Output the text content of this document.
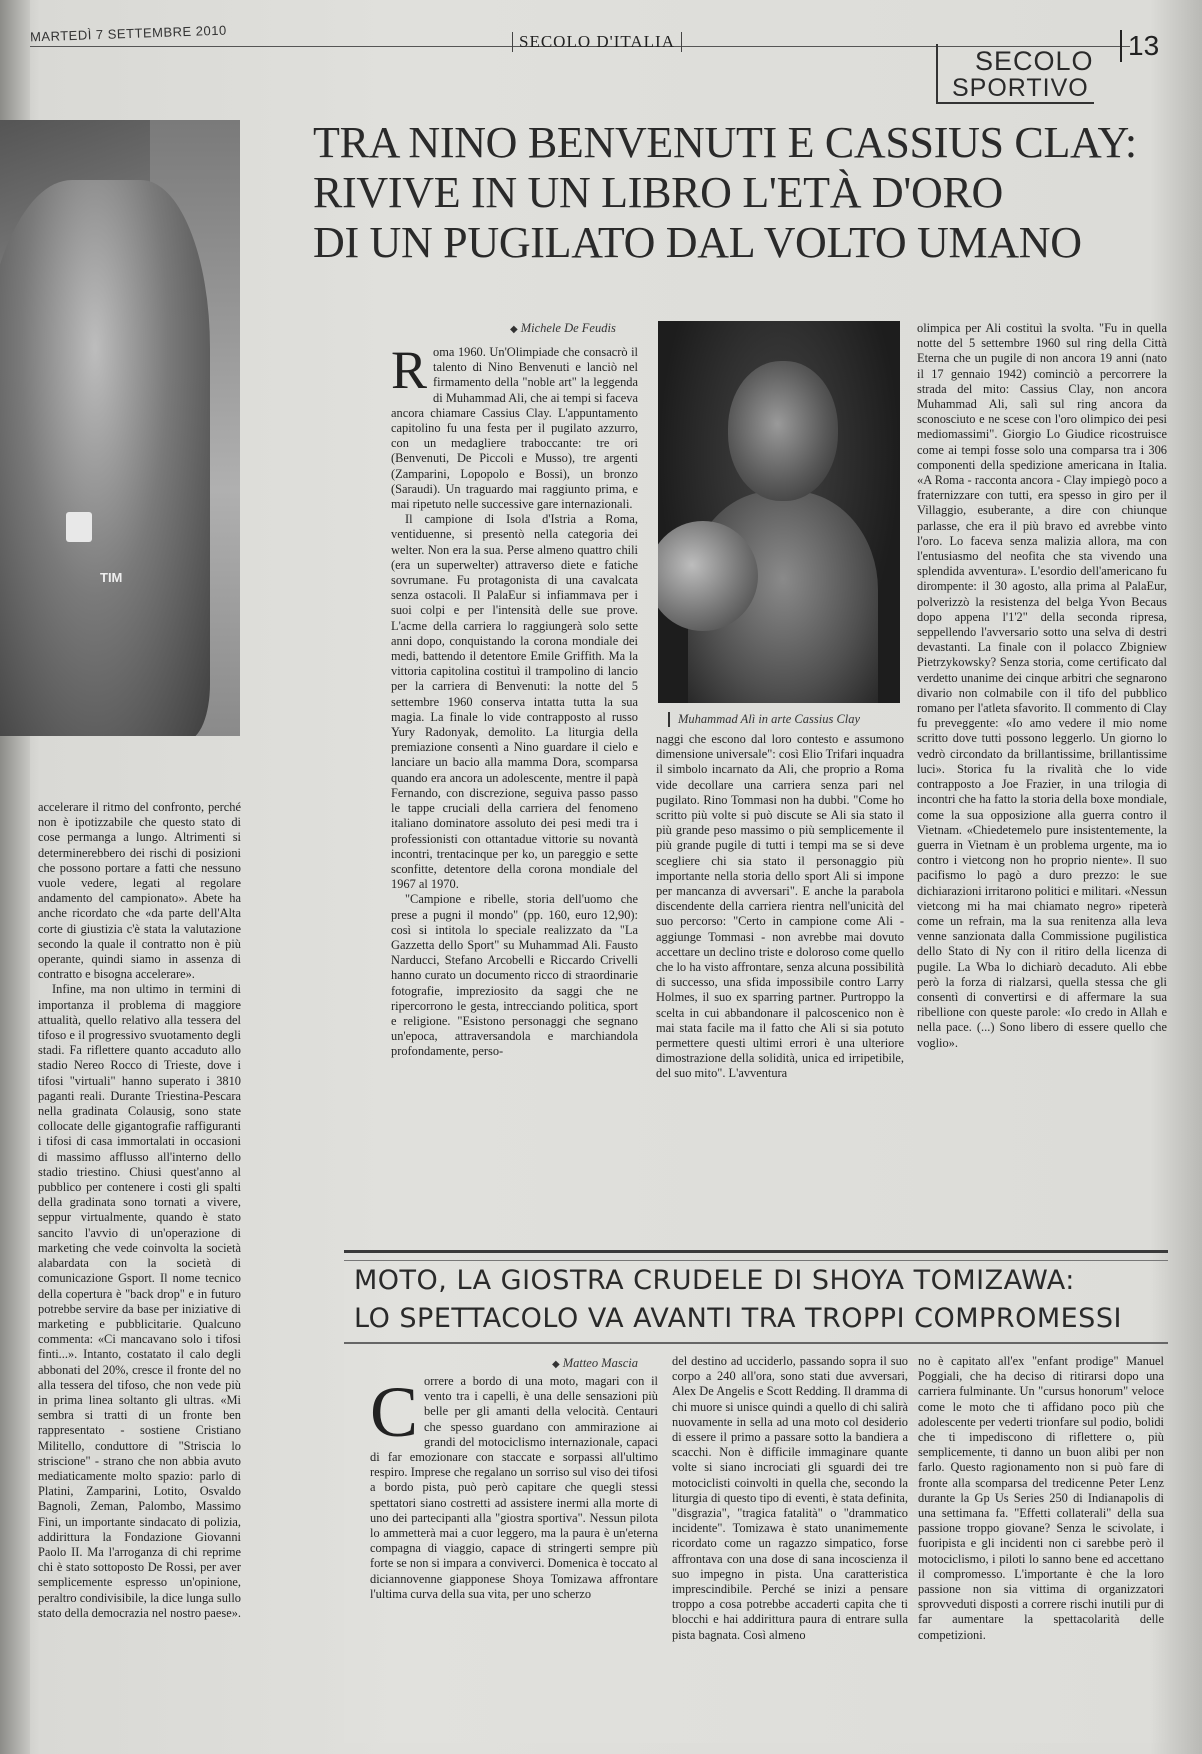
MARTEDÌ 7 SETTEMBRE 2010	SECOLO D'ITALIA	13
SECOLO
SPORTIVO
TIM

accelerare il ritmo del confronto, perché non è ipotizzabile che questo stato di cose permanga a lungo. Altrimenti si determinerebbero dei rischi di posizioni che possono portare a fatti che nessuno vuole vedere, legati al regolare andamento del campionato». Abete ha anche ricordato che «da parte dell'Alta corte di giustizia c'è stata la valutazione secondo la quale il contratto non è più operante, quindi siamo in assenza di contratto e bisogna accelerare».

Infine, ma non ultimo in termini di importanza il problema di maggiore attualità, quello relativo alla tessera del tifoso e il progressivo svuotamento degli stadi. Fa riflettere quanto accaduto allo stadio Nereo Rocco di Trieste, dove i tifosi "virtuali" hanno superato i 3810 paganti reali. Durante Triestina-Pescara nella gradinata Colausig, sono state collocate delle gigantografie raffiguranti i tifosi di casa immortalati in occasioni di massimo afflusso all'interno dello stadio triestino. Chiusi quest'anno al pubblico per contenere i costi gli spalti della gradinata sono tornati a vivere, seppur virtualmente, quando è stato sancito l'avvio di un'operazione di marketing che vede coinvolta la società alabardata con la società di comunicazione Gsport. Il nome tecnico della copertura è "back drop" e in futuro potrebbe servire da base per iniziative di marketing e pubblicitarie. Qualcuno commenta: «Ci mancavano solo i tifosi finti...». Intanto, costatato il calo degli abbonati del 20%, cresce il fronte del no alla tessera del tifoso, che non vede più in prima linea soltanto gli ultras. «Mi sembra si tratti di un fronte ben rappresentato - sostiene Cristiano Militello, conduttore di "Striscia lo striscione" - strano che non abbia avuto mediaticamente molto spazio: parlo di Platini, Zamparini, Lotito, Osvaldo Bagnoli, Zeman, Palombo, Massimo Fini, un importante sindacato di polizia, addirittura la Fondazione Giovanni Paolo II. Ma l'arroganza di chi reprime chi è stato sottoposto De Rossi, per aver semplicemente espresso un'opinione, peraltro condivisibile, la dice lunga sullo stato della democrazia nel nostro paese».

TRA NINO BENVENUTI E CASSIUS CLAY:
RIVIVE IN UN LIBRO L'ETÀ D'ORO
DI UN PUGILATO DAL VOLTO UMANO
◆ Michele De Feudis
Muhammad Alì in arte Cassius Clay
R oma 1960. Un'Olimpiade che consacrò il talento di Nino Benvenuti e lanciò nel firmamento della "noble art" la leggenda di Muhammad Ali, che ai tempi si faceva ancora chiamare Cassius Clay. L'appuntamento capitolino fu una festa per il pugilato azzurro, con un medagliere traboccante: tre ori (Benvenuti, De Piccoli e Musso), tre argenti (Zamparini, Lopopolo e Bossi), un bronzo (Saraudi). Un traguardo mai raggiunto prima, e mai ripetuto nelle successive gare internazionali.

Il campione di Isola d'Istria a Roma, ventiduenne, si presentò nella categoria dei welter. Non era la sua. Perse almeno quattro chili (era un superwelter) attraverso diete e fatiche sovrumane. Fu protagonista di una cavalcata senza ostacoli. Il PalaEur si infiammava per i suoi colpi e per l'intensità delle sue prove. L'acme della carriera lo raggiungerà solo sette anni dopo, conquistando la corona mondiale dei medi, battendo il detentore Emile Griffith. Ma la vittoria capitolina costituì il trampolino di lancio per la carriera di Benvenuti: la notte del 5 settembre 1960 conserva intatta tutta la sua magia. La finale lo vide contrapposto al russo Yury Radonyak, demolito. La liturgia della premiazione consentì a Nino guardare il cielo e lanciare un bacio alla mamma Dora, scomparsa quando era ancora un adolescente, mentre il papà Fernando, con discrezione, seguiva passo passo le tappe cruciali della carriera del fenomeno italiano dominatore assoluto dei pesi medi tra i professionisti con ottantadue vittorie su novantà incontri, trentacinque per ko, un pareggio e sette sconfitte, detentore della corona mondiale del 1967 al 1970.

"Campione e ribelle, storia dell'uomo che prese a pugni il mondo" (pp. 160, euro 12,90): così si intitola lo speciale realizzato da "La Gazzetta dello Sport" su Muhammad Ali. Fausto Narducci, Stefano Arcobelli e Riccardo Crivelli hanno curato un documento ricco di straordinarie fotografie, impreziosito da saggi che ne ripercorrono le gesta, intrecciando politica, sport e religione. "Esistono personaggi che segnano un'epoca, attraversandola e marchiandola profondamente, perso-

naggi che escono dal loro contesto e assumono dimensione universale": così Elio Trifari inquadra il simbolo incarnato da Ali, che proprio a Roma vide decollare una carriera senza pari nel pugilato. Rino Tommasi non ha dubbi. "Come ho scritto più volte si può discute se Ali sia stato il più grande peso massimo o più semplicemente il più grande pugile di tutti i tempi ma se si deve scegliere chi sia stato il personaggio più importante nella storia dello sport Ali si impone per mancanza di avversari". E anche la parabola discendente della carriera rientra nell'unicità del suo percorso: "Certo in campione come Ali - aggiunge Tommasi - non avrebbe mai dovuto accettare un declino triste e doloroso come quello che lo ha visto affrontare, senza alcuna possibilità di successo, una sfida impossibile contro Larry Holmes, il suo ex sparring partner. Purtroppo la scelta in cui abbandonare il palcoscenico non è mai stata facile ma il fatto che Ali si sia potuto permettere questi ultimi errori è una ulteriore dimostrazione della solidità, unica ed irripetibile, del suo mito". L'avventura

olimpica per Ali costituì la svolta. "Fu in quella notte del 5 settembre 1960 sul ring della Città Eterna che un pugile di non ancora 19 anni (nato il 17 gennaio 1942) cominciò a percorrere la strada del mito: Cassius Clay, non ancora Muhammad Ali, salì sul ring ancora da sconosciuto e ne scese con l'oro olimpico dei pesi mediomassimi". Giorgio Lo Giudice ricostruisce come ai tempi fosse solo una comparsa tra i 306 componenti della spedizione americana in Italia. «A Roma - racconta ancora - Clay impiegò poco a fraternizzare con tutti, era spesso in giro per il Villaggio, esuberante, a dire con chiunque parlasse, che era il più bravo ed avrebbe vinto l'oro. Lo faceva senza malizia allora, ma con l'entusiasmo del neofita che sta vivendo una splendida avventura». L'esordio dell'americano fu dirompente: il 30 agosto, alla prima al PalaEur, polverizzò la resistenza del belga Yvon Becaus dopo appena l'1'2" della seconda ripresa, seppellendo l'avversario sotto una selva di destri devastanti. La finale con il polacco Zbigniew Pietrzykowsky? Senza storia, come certificato dal verdetto unanime dei cinque arbitri che segnarono divario non colmabile con il tifo del pubblico romano per l'atleta sfavorito. Il commento di Clay fu preveggente: «Io amo vedere il mio nome scritto dove tutti possono leggerlo. Un giorno lo vedrò circondato da brillantissime, brillantissime luci». Storica fu la rivalità che lo vide contrapposto a Joe Frazier, in una trilogia di incontri che ha fatto la storia della boxe mondiale, come la sua opposizione alla guerra contro il Vietnam. «Chiedetemelo pure insistentemente, la guerra in Vietnam è un problema urgente, ma io contro i vietcong non ho proprio niente». Il suo pacifismo lo pagò a duro prezzo: le sue dichiarazioni irritarono politici e militari. «Nessun vietcong mi ha mai chiamato negro» ripeterà come un refrain, ma la sua renitenza alla leva venne sanzionata dalla Commissione pugilistica dello Stato di Ny con il ritiro della licenza di pugile. La Wba lo dichiarò decaduto. Ali ebbe però la forza di rialzarsi, quella stessa che gli consentì di convertirsi e di affermare la sua ribellione con queste parole: «Io credo in Allah e nella pace. (...) Sono libero di essere quello che voglio».

MOTO, LA GIOSTRA CRUDELE DI SHOYA TOMIZAWA:
LO SPETTACOLO VA AVANTI TRA TROPPI COMPROMESSI
◆ Matteo Mascia
C orrere a bordo di una moto, magari con il vento tra i capelli, è una delle sensazioni più belle per gli amanti della velocità. Centauri che spesso guardano con ammirazione ai grandi del motociclismo internazionale, capaci di far emozionare con staccate e sorpassi all'ultimo respiro. Imprese che regalano un sorriso sul viso dei tifosi a bordo pista, può però capitare che quegli stessi spettatori siano costretti ad assistere inermi alla morte di uno dei partecipanti alla "giostra sportiva". Nessun pilota lo ammetterà mai a cuor leggero, ma la paura è un'eterna compagna di viaggio, capace di stringerti sempre più forte se non si impara a conviverci. Domenica è toccato al diciannovenne giapponese Shoya Tomizawa affrontare l'ultima curva della sua vita, per uno scherzo

del destino ad ucciderlo, passando sopra il suo corpo a 240 all'ora, sono stati due avversari, Alex De Angelis e Scott Redding. Il dramma di chi muore si unisce quindi a quello di chi salirà nuovamente in sella ad una moto col desiderio di essere il primo a passare sotto la bandiera a scacchi. Non è difficile immaginare quante volte si siano incrociati gli sguardi dei tre motociclisti coinvolti in quella che, secondo la liturgia di questo tipo di eventi, è stata definita, "disgrazia", "tragica fatalità" o "drammatico incidente". Tomizawa è stato unanimemente ricordato come un ragazzo simpatico, forse affrontava con una dose di sana incoscienza il suo impegno in pista. Una caratteristica imprescindibile. Perché se inizi a pensare troppo a cosa potrebbe accaderti capita che ti blocchi e hai addirittura paura di entrare sulla pista bagnata. Così almeno

no è capitato all'ex "enfant prodige" Manuel Poggiali, che ha deciso di ritirarsi dopo una carriera fulminante. Un "cursus honorum" veloce come le moto che ti affidano poco più che adolescente per vederti trionfare sul podio, bolidi che ti impediscono di riflettere o, più semplicemente, ti danno un buon alibi per non farlo. Questo ragionamento non si può fare di fronte alla scomparsa del tredicenne Peter Lenz durante la Gp Us Series 250 di Indianapolis di una settimana fa. "Effetti collaterali" della sua passione troppo giovane? Senza le scivolate, i fuoripista e gli incidenti non ci sarebbe però il motociclismo, i piloti lo sanno bene ed accettano il compromesso. L'importante è che la loro passione non sia vittima di organizzatori sprovveduti disposti a correre rischi inutili pur di far aumentare la spettacolarità delle competizioni.
